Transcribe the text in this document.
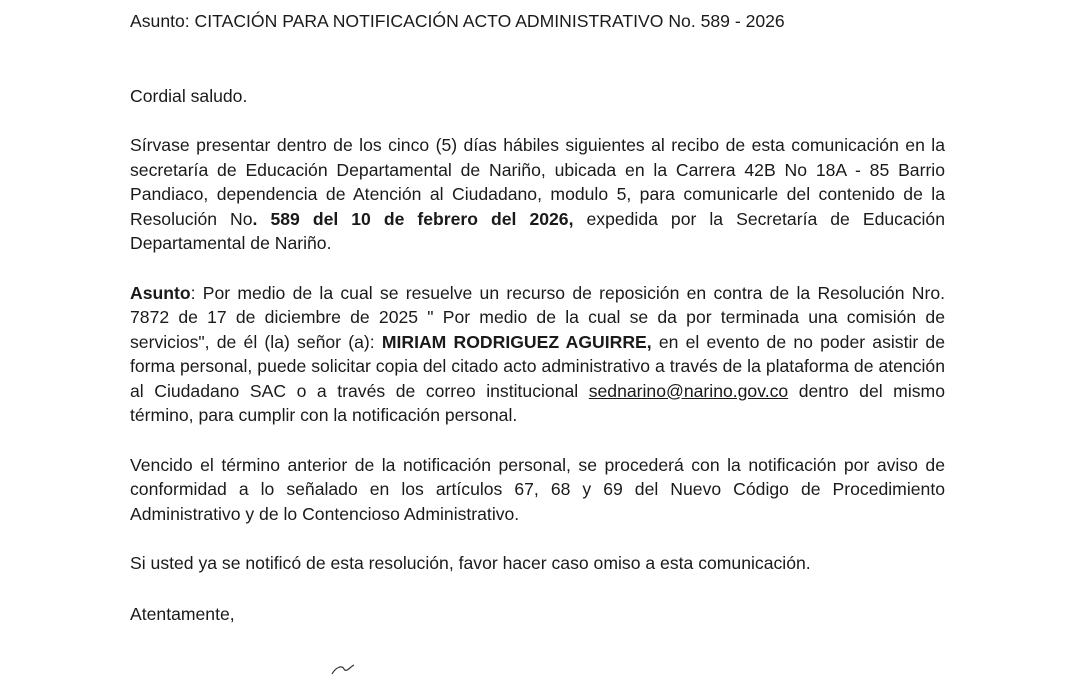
Asunto: CITACIÓN PARA NOTIFICACIÓN ACTO ADMINISTRATIVO No. 589 - 2026

Cordial saludo.

Sírvase presentar dentro de los cinco (5) días hábiles siguientes al recibo de esta comunicación en la secretaría de Educación Departamental de Nariño, ubicada en la Carrera 42B No 18A - 85 Barrio Pandiaco, dependencia de Atención al Ciudadano, modulo 5, para comunicarle del contenido de la Resolución No. 589 del 10 de febrero del 2026, expedida por la Secretaría de Educación Departamental de Nariño.

Asunto: Por medio de la cual se resuelve un recurso de reposición en contra de la Resolución Nro. 7872 de 17 de diciembre de 2025 " Por medio de la cual se da por terminada una comisión de servicios", de él (la) señor (a): MIRIAM RODRIGUEZ AGUIRRE, en el evento de no poder asistir de forma personal, puede solicitar copia del citado acto administrativo a través de la plataforma de atención al Ciudadano SAC o a través de correo institucional sednarino@narino.gov.co dentro del mismo término, para cumplir con la notificación personal.

Vencido el término anterior de la notificación personal, se procederá con la notificación por aviso de conformidad a lo señalado en los artículos 67, 68 y 69 del Nuevo Código de Procedimiento Administrativo y de lo Contencioso Administrativo.

Si usted ya se notificó de esta resolución, favor hacer caso omiso a esta comunicación.

Atentamente,
